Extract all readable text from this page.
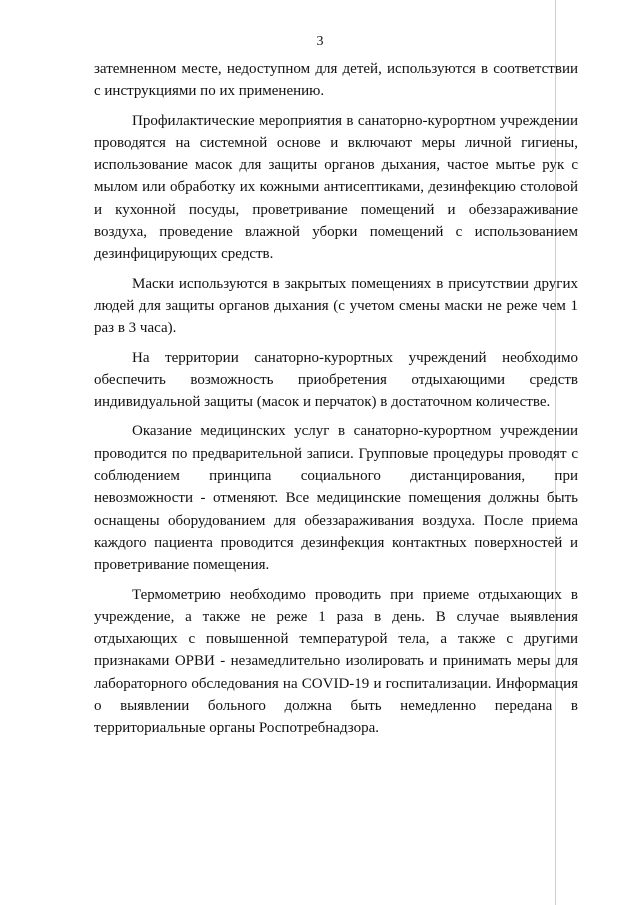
3

затемненном месте, недоступном для детей, используются в соответствии с инструкциями по их применению.

Профилактические мероприятия в санаторно-курортном учреждении проводятся на системной основе и включают меры личной гигиены, использование масок для защиты органов дыхания, частое мытье рук с мылом или обработку их кожными антисептиками, дезинфекцию столовой и кухонной посуды, проветривание помещений и обеззараживание воздуха, проведение влажной уборки помещений с использованием дезинфицирующих средств.

Маски используются в закрытых помещениях в присутствии других людей для защиты органов дыхания (с учетом смены маски не реже чем 1 раз в 3 часа).

На территории санаторно-курортных учреждений необходимо обеспечить возможность приобретения отдыхающими средств индивидуальной защиты (масок и перчаток) в достаточном количестве.

Оказание медицинских услуг в санаторно-курортном учреждении проводится по предварительной записи. Групповые процедуры проводят с соблюдением принципа социального дистанцирования, при невозможности - отменяют. Все медицинские помещения должны быть оснащены оборудованием для обеззараживания воздуха. После приема каждого пациента проводится дезинфекция контактных поверхностей и проветривание помещения.

Термометрию необходимо проводить при приеме отдыхающих в учреждение, а также не реже 1 раза в день. В случае выявления отдыхающих с повышенной температурой тела, а также с другими признаками ОРВИ - незамедлительно изолировать и принимать меры для лабораторного обследования на COVID-19 и госпитализации. Информация о выявлении больного должна быть немедленно передана в территориальные органы Роспотребнадзора.
